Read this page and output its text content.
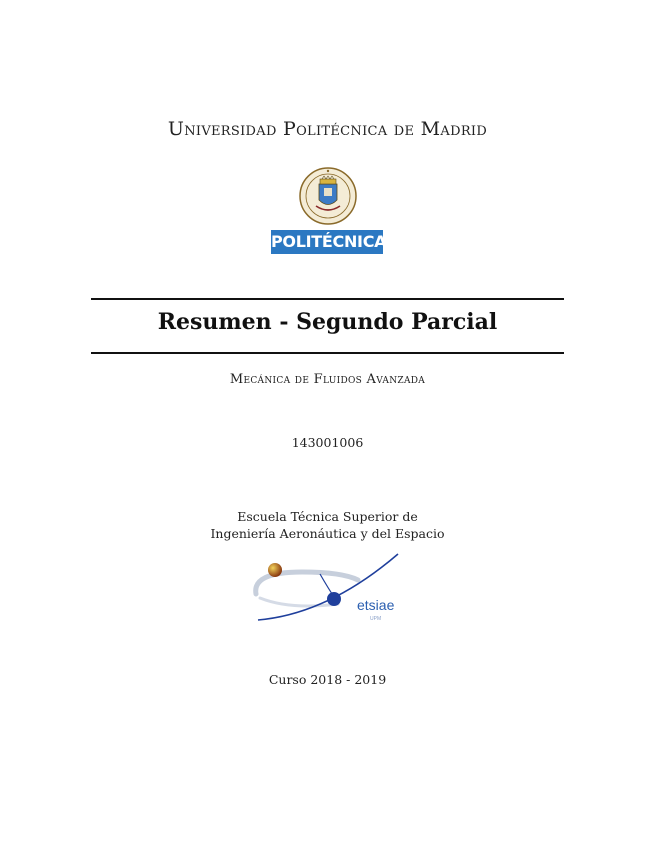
Universidad Politécnica de Madrid
POLITÉCNICA
Resumen - Segundo Parcial
Mecánica de Fluidos Avanzada
143001006
Escuela Técnica Superior de
Ingeniería Aeronáutica y del Espacio
etsiae
UPM
Curso 2018 - 2019
